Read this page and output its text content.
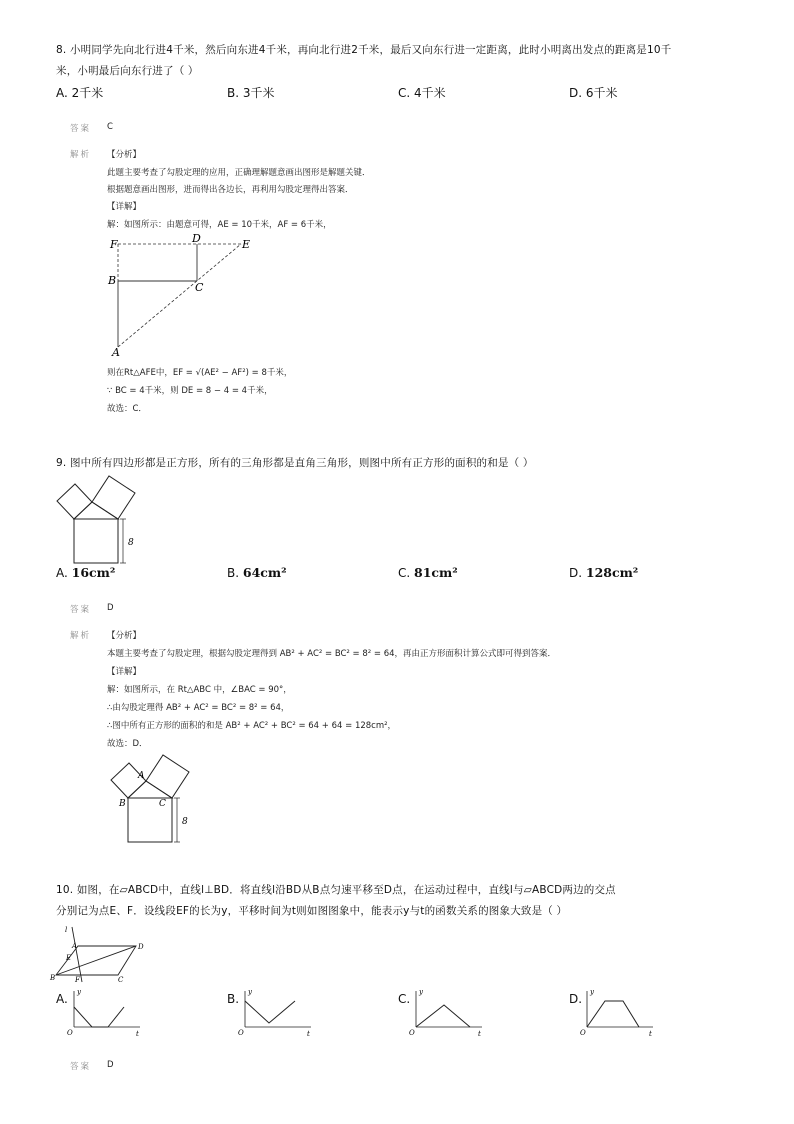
8. 小明同学先向北行进4千米，然后向东进4千米，再向北行进2千米，最后又向东行进一定距离，此时小明离出发点的距离是10千
米，小明最后向东行进了（ ）
A. 2千米	B. 3千米	C. 4千米	D. 6千米
答案 C
解析 【分析】
此题主要考查了勾股定理的应用，正确理解题意画出图形是解题关键．
根据题意画出图形，进而得出各边长，再利用勾股定理得出答案．
【详解】
解：如图所示：由题意可得，AE = 10千米，AF = 6千米，
F	D	E
B
C
A
则在Rt△AFE中，EF = √(AE² − AF²) = 8千米，
∵ BC = 4千米，则 DE = 8 − 4 = 4千米，
故选：C．
9. 图中所有四边形都是正方形，所有的三角形都是直角三角形，则图中所有正方形的面积的和是（ ）
8
A. 16cm²	B. 64cm²	C. 81cm²	D. 128cm²
答案 D
解析 【分析】
本题主要考查了勾股定理，根据勾股定理得到 AB² + AC² = BC² = 8² = 64，再由正方形面积计算公式即可得到答案．
【详解】
解：如图所示，在 Rt△ABC 中，∠BAC = 90°，
∴由勾股定理得 AB² + AC² = BC² = 8² = 64，
∴图中所有正方形的面积的和是 AB² + AC² + BC² = 64 + 64 = 128cm²，
故选：D．
8
A
B	C
10. 如图，在▱ABCD中，直线l⊥BD．将直线l沿BD从B点匀速平移至D点，在运动过程中，直线l与▱ABCD两边的交点
分别记为点E、F．设线段EF的长为y，平移时间为t则如图图象中，能表示y与t的函数关系的图象大致是（ ）
l
A
B	C
D
E
F
A. y
t
O
B. y
t
O
C. y
t
O
D. y
t
O
答案 D
